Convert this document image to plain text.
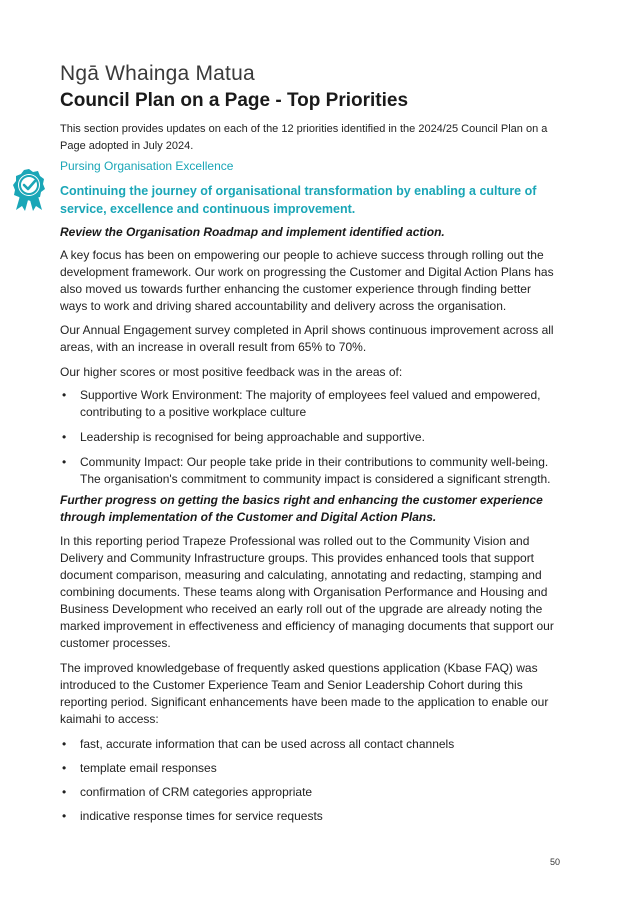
Ngā Whainga Matua
Council Plan on a Page - Top Priorities
This section provides updates on each of the 12 priorities identified in the 2024/25 Council Plan on a Page adopted in July 2024.
Pursing Organisation Excellence
Continuing the journey of organisational transformation by enabling a culture of service, excellence and continuous improvement.
Review the Organisation Roadmap and implement identified action.

A key focus has been on empowering our people to achieve success through rolling out the development framework. Our work on progressing the Customer and Digital Action Plans has also moved us towards further enhancing the customer experience through finding better ways to work and driving shared accountability and delivery across the organisation.

Our Annual Engagement survey completed in April shows continuous improvement across all areas, with an increase in overall result from 65% to 70%.

Our higher scores or most positive feedback was in the areas of:

• Supportive Work Environment: The majority of employees feel valued and empowered, contributing to a positive workplace culture
• Leadership is recognised for being approachable and supportive.
• Community Impact: Our people take pride in their contributions to community well-being. The organisation's commitment to community impact is considered a significant strength.
Further progress on getting the basics right and enhancing the customer experience through implementation of the Customer and Digital Action Plans.

In this reporting period Trapeze Professional was rolled out to the Community Vision and Delivery and Community Infrastructure groups. This provides enhanced tools that support document comparison, measuring and calculating, annotating and redacting, stamping and combining documents. These teams along with Organisation Performance and Housing and Business Development who received an early roll out of the upgrade are already noting the marked improvement in effectiveness and efficiency of managing documents that support our customer processes.

The improved knowledgebase of frequently asked questions application (Kbase FAQ) was introduced to the Customer Experience Team and Senior Leadership Cohort during this reporting period. Significant enhancements have been made to the application to enable our kaimahi to access:

• fast, accurate information that can be used across all contact channels
• template email responses
• confirmation of CRM categories appropriate
• indicative response times for service requests
50
